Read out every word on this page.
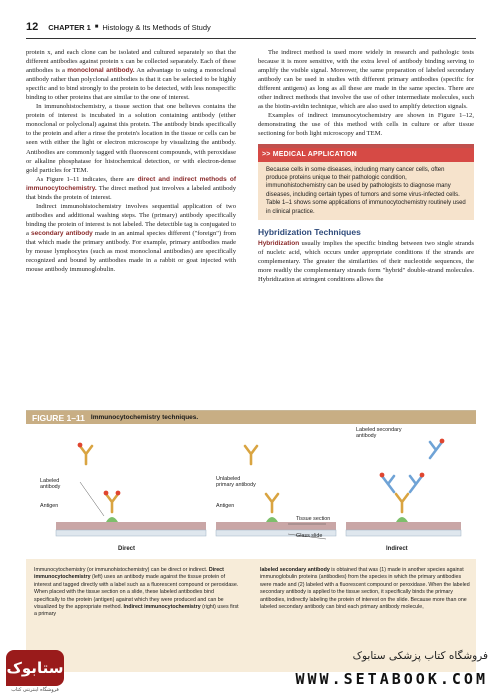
12 CHAPTER 1 ■ Histology & Its Methods of Study

protein x, and each clone can be isolated and cultured separately so that the different antibodies against protein x can be collected separately. Each of these antibodies is a monoclonal antibody. An advantage to using a monoclonal antibody rather than polyclonal antibodies is that it can be selected to be highly specific and to bind strongly to the protein to be detected, with less nonspecific binding to other proteins that are similar to the one of interest.

In immunohistochemistry, a tissue section that one believes contains the protein of interest is incubated in a solution containing antibody (either monoclonal or polyclonal) against this protein. The antibody binds specifically to the protein and after a rinse the protein's location in the tissue or cells can be seen with either the light or electron microscope by visualizing the antibody. Antibodies are commonly tagged with fluorescent compounds, with peroxidase or alkaline phosphatase for histochemical detection, or with electron-dense gold particles for TEM.

As Figure 1–11 indicates, there are direct and indirect methods of immunocytochemistry. The direct method just involves a labeled antibody that binds the protein of interest.

Indirect immunohistochemistry involves sequential application of two antibodies and additional washing steps. The (primary) antibody specifically binding the protein of interest is not labeled. The detectible tag is conjugated to a secondary antibody made in an animal species different ("foreign") from that which made the primary antibody. For example, primary antibodies made by mouse lymphocytes (such as most monoclonal antibodies) are specifically recognized and bound by antibodies made in a rabbit or goat injected with mouse antibody immunoglobulin.

The indirect method is used more widely in research and pathologic tests because it is more sensitive, with the extra level of antibody binding serving to amplify the visible signal. Moreover, the same preparation of labeled secondary antibody can be used in studies with different primary antibodies (specific for different antigens) as long as all these are made in the same species. There are other indirect methods that involve the use of other intermediate molecules, such as the biotin-avidin technique, which are also used to amplify detection signals.

Examples of indirect immunocytochemistry are shown in Figure 1–12, demonstrating the use of this method with cells in culture or after tissue sectioning for both light microscopy and TEM.

>> MEDICAL APPLICATION
Because cells in some diseases, including many cancer cells, often produce proteins unique to their pathologic condition, immunohistochemistry can be used by pathologists to diagnose many diseases, including certain types of tumors and some virus-infected cells. Table 1–1 shows some applications of immunocytochemistry routinely used in clinical practice.
Hybridization Techniques

Hybridization usually implies the specific binding between two single strands of nucleic acid, which occurs under appropriate conditions if the strands are complementary. The greater the similarities of their nucleotide sequences, the more readily the complementary strands form "hybrid" double-strand molecules. Hybridization at stringent conditions allows the

FIGURE 1–11 Immunocytochemistry techniques.
Labeled antibody
Antigen
Unlabeled primary antibody
Antigen
Tissue section
Glass slide
Labeled secondary antibody
Direct	Indirect
Immunocytochemistry (or immunohistochemistry) can be direct or indirect. Direct immunocytochemistry (left) uses an antibody made against the tissue protein of interest and tagged directly with a label such as a fluorescent compound or peroxidase. When placed with the tissue section on a slide, these labeled antibodies bind specifically to the protein (antigen) against which they were produced and can be visualized by the appropriate method. Indirect immunocytochemistry (right) uses first a primary
labeled secondary antibody is obtained that was (1) made in another species against immunoglobulin proteins (antibodies) from the species in which the primary antibodies were made and (2) labeled with a fluorescent compound or peroxidase. When the labeled secondary antibody is applied to the tissue section, it specifically binds the primary antibodies, indirectly labeling the protein of interest on the slide. Because more than one labeled secondary antibody can bind each primary antibody molecule,
ستابوک
فروشگاه اینترنتی کتاب
فروشگاه کتاب پزشکی ستابوک
WWW.SETABOOK.COM
